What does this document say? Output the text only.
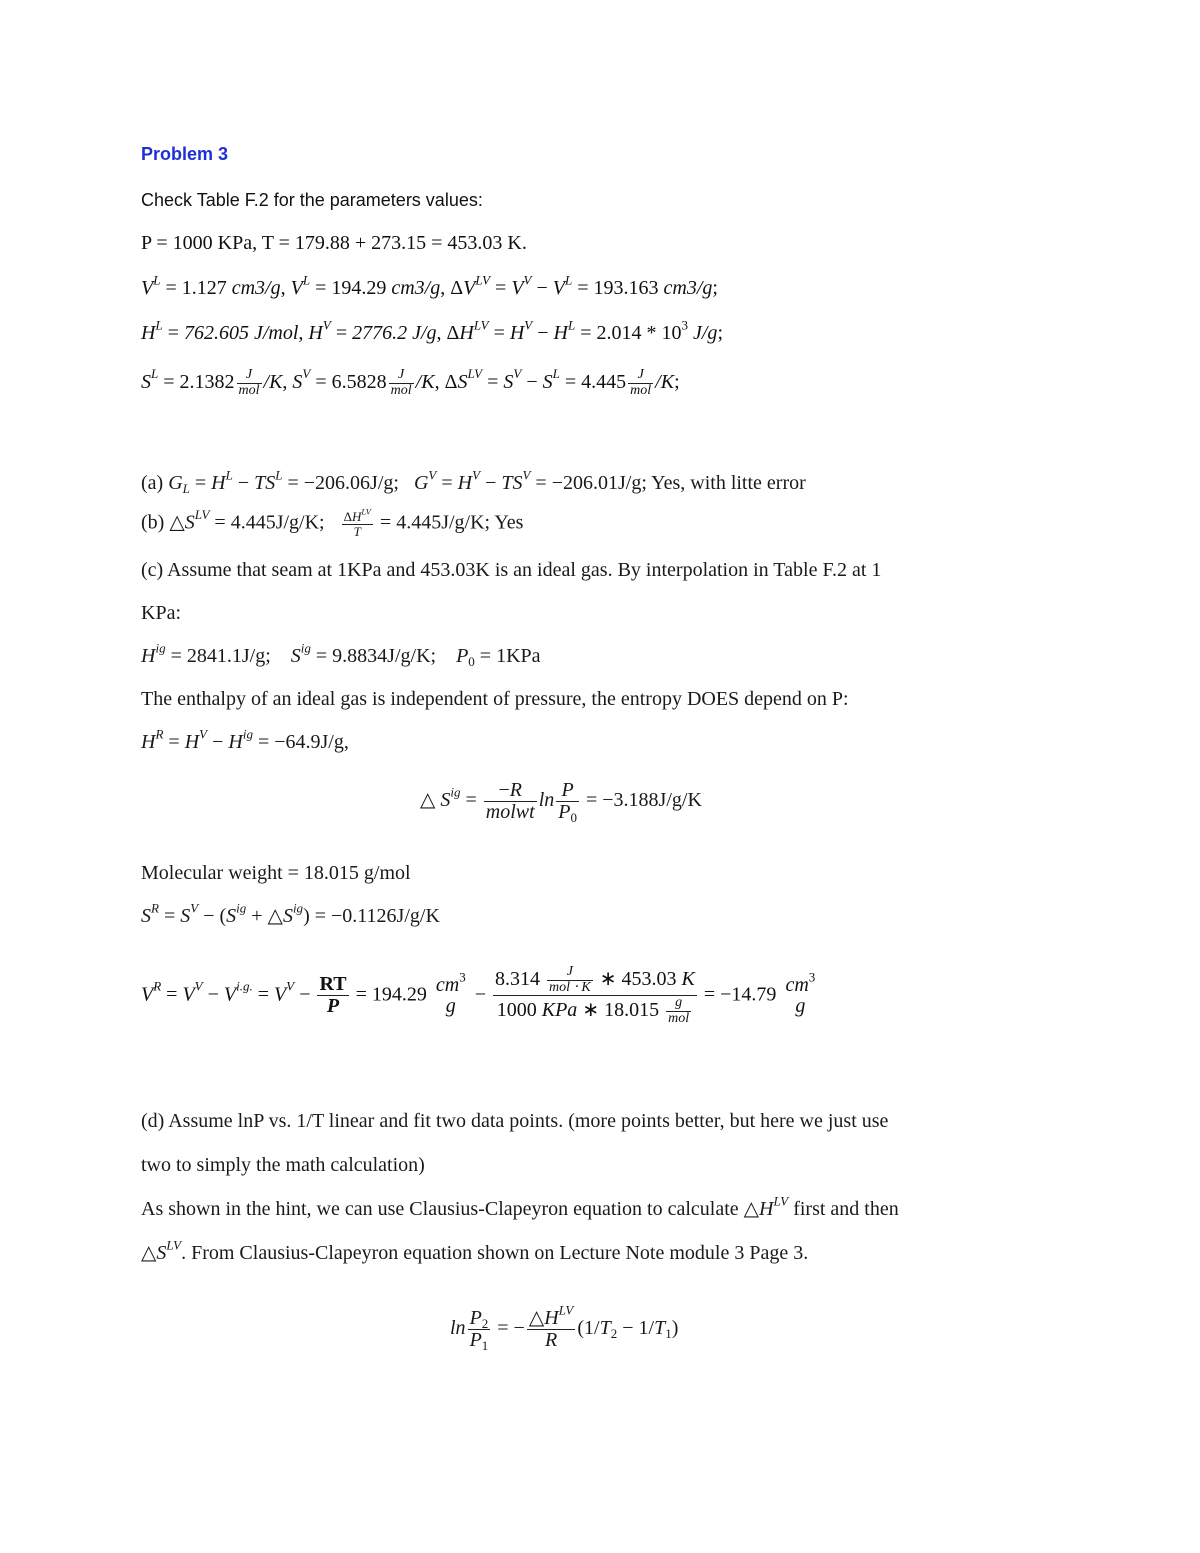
Problem 3
Check Table F.2 for the parameters values:
P = 1000 KPa, T = 179.88 + 273.15 = 453.03 K.
$V^L = 1.127$ cm3/g, $V^L = 194.29$ cm3/g, $\Delta V^{LV} = V^V - V^L = 193.163$ cm3/g;
$H^L = 762.605$ J/mol, $H^V = 2776.2$ J/g, $\Delta H^{LV} = H^V - H^L = 2.014 * 10^3$ J/g;
$S^L = 2.1382 \frac{J}{\text{mol}} /K$, $S^V = 6.5828 \frac{J}{\text{mol}} /K$, $\Delta S^{LV} = S^V - S^L = 4.445 \frac{J}{\text{mol}} /K$;
(a) $G_L = H^L - TS^L = -206.06J/g$; $G^V = H^V - TS^V = -206.01J/g$; Yes, with litte error
(b) $\triangle S^{LV} = 4.445J/g/K$; $\frac{\Delta H^{LV}}{T} = 4.445J/g/K$; Yes
(c) Assume that seam at 1KPa and 453.03K is an ideal gas. By interpolation in Table F.2 at 1
KPa:
$H^{ig} = 2841.1J/g$; $S^{ig} = 9.8834J/g/K$; $P_0 = 1KPa$
The enthalpy of an ideal gas is independent of pressure, the entropy DOES depend on P:
$H^R = H^V - H^{ig} = -64.9J/g$,
△ $S^{ig} = \frac{-R}{\text{molwt}}$ $\ln \frac{P}{P_0} = -3.188J/g/K$
Molecular weight = 18.015 g/mol
$S^R = S^V - (S^{ig}$ + $\triangle S^{ig}) = -0.1126J/g/K$
$V^R = V^V - V^{i.g.} = V^V - \frac{RT}{P} = 194.29$ $cm^3$
g
− $\frac{8.314 \frac{J}{\text{mol ⋅ K}} ∗ 453.03 K}{1000 KPa ∗ 18.015 \frac{g}{\text{mol}}} = -14.79$ $cm^3$
g
(d) Assume lnP vs. 1/T linear and fit two data points. (more points better, but here we just use
two to simply the math calculation)
As shown in the hint, we can use Clausius-Clapeyron equation to calculate $\triangle H^{LV}$ first and then
$\triangle S^{LV}$. From Clausius-Clapeyron equation shown on Lecture Note module 3 Page 3.
$\ln \frac{P_2}{P_1}$ = − $\frac{\triangle H^{LV}}{R} (1/T_2 - 1/T_1)$
